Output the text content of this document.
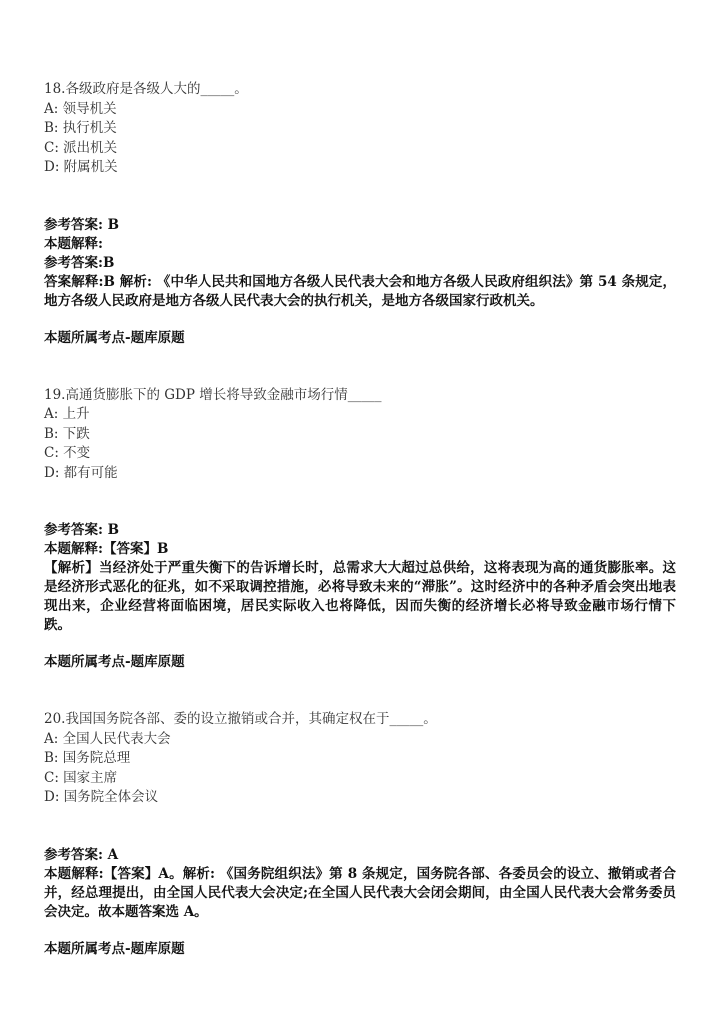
18.各级政府是各级人大的_____。
A: 领导机关
B: 执行机关
C: 派出机关
D: 附属机关
参考答案: B
本题解释:
参考答案:B
答案解释:B 解析: 《中华人民共和国地方各级人民代表大会和地方各级人民政府组织法》第 54 条规定，地方各级人民政府是地方各级人民代表大会的执行机关，是地方各级国家行政机关。
本题所属考点-题库原题
19.高通货膨胀下的 GDP 增长将导致金融市场行情_____
A: 上升
B: 下跌
C: 不变
D: 都有可能
参考答案: B
本题解释:【答案】B
【解析】当经济处于严重失衡下的告诉增长时，总需求大大超过总供给，这将表现为高的通货膨胀率。这是经济形式恶化的征兆，如不采取调控措施，必将导致未来的“滞胀”。这时经济中的各种矛盾会突出地表现出来，企业经营将面临困境，居民实际收入也将降低，因而失衡的经济增长必将导致金融市场行情下跌。
本题所属考点-题库原题
20.我国国务院各部、委的设立撤销或合并，其确定权在于_____。
A: 全国人民代表大会
B: 国务院总理
C: 国家主席
D: 国务院全体会议
参考答案: A
本题解释:【答案】A。解析: 《国务院组织法》第 8 条规定，国务院各部、各委员会的设立、撤销或者合并，经总理提出，由全国人民代表大会决定;在全国人民代表大会闭会期间，由全国人民代表大会常务委员会决定。故本题答案选 A。
本题所属考点-题库原题
